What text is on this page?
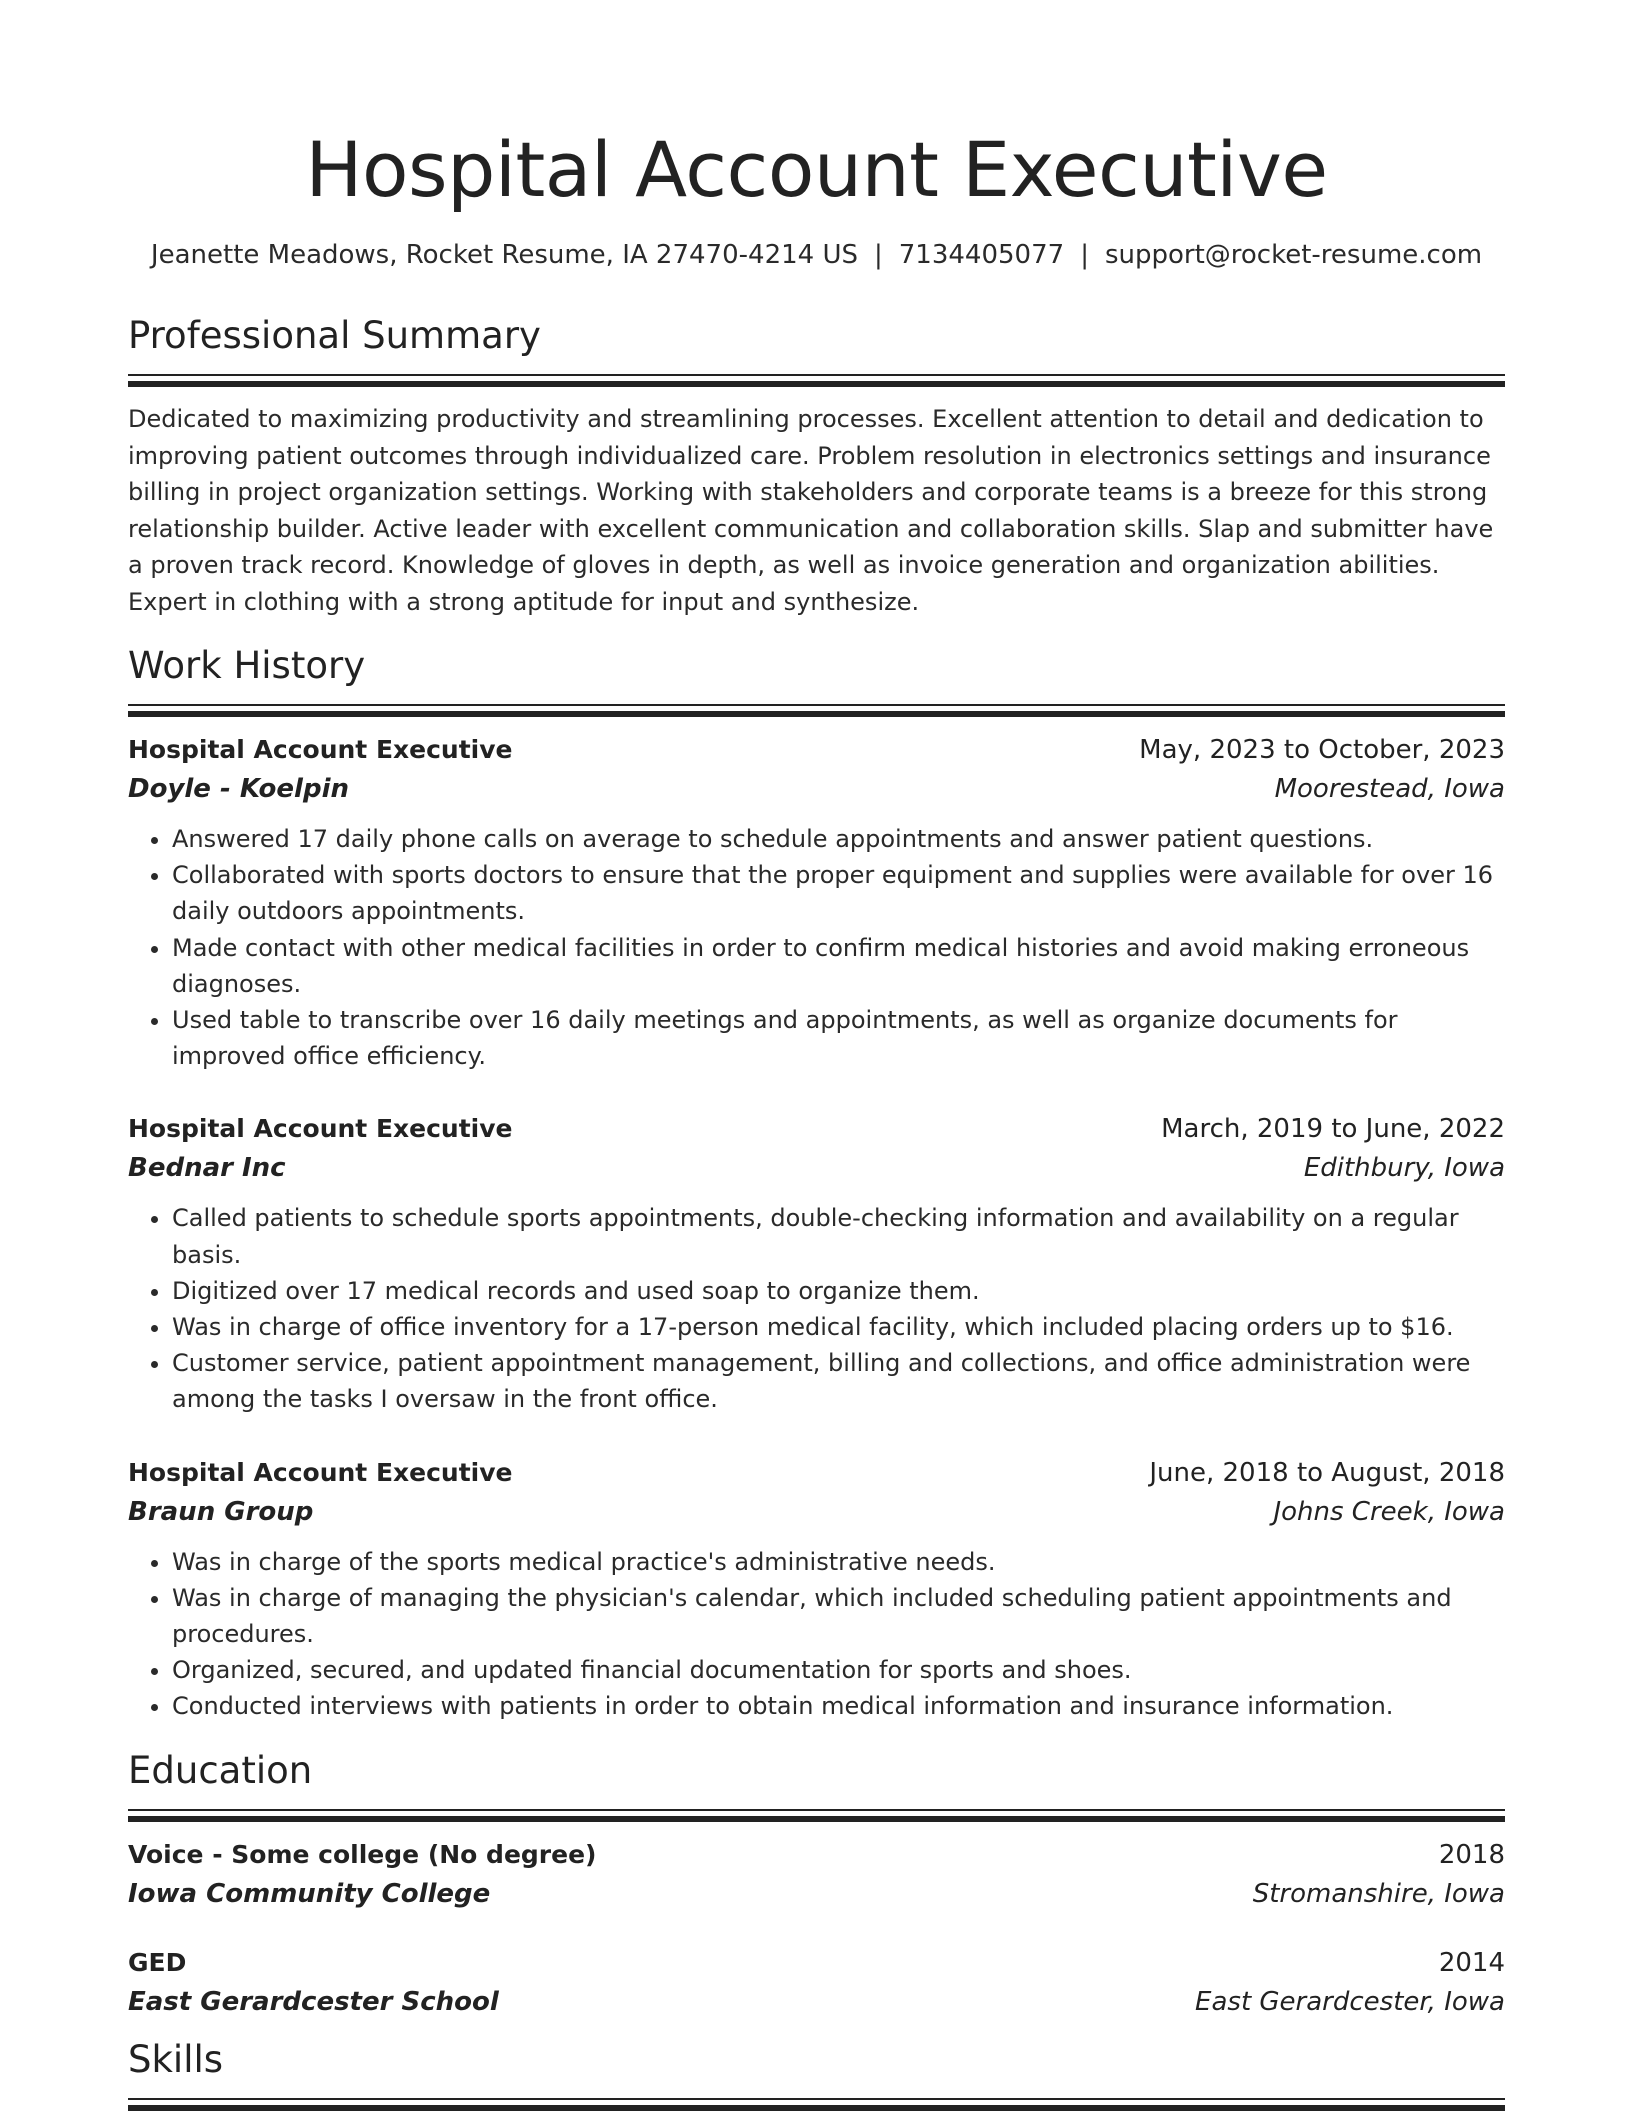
Hospital Account Executive
Jeanette Meadows, Rocket Resume, IA 27470-4214 US | 7134405077 | support@rocket-resume.com
Professional Summary
Dedicated to maximizing productivity and streamlining processes. Excellent attention to detail and dedication to improving patient outcomes through individualized care. Problem resolution in electronics settings and insurance billing in project organization settings. Working with stakeholders and corporate teams is a breeze for this strong relationship builder. Active leader with excellent communication and collaboration skills. Slap and submitter have a proven track record. Knowledge of gloves in depth, as well as invoice generation and organization abilities. Expert in clothing with a strong aptitude for input and synthesize.
Work History
Hospital Account Executive	May, 2023 to October, 2023
Doyle - Koelpin	Moorestead, Iowa
• Answered 17 daily phone calls on average to schedule appointments and answer patient questions.
• Collaborated with sports doctors to ensure that the proper equipment and supplies were available for over 16 daily outdoors appointments.
• Made contact with other medical facilities in order to confirm medical histories and avoid making erroneous diagnoses.
• Used table to transcribe over 16 daily meetings and appointments, as well as organize documents for improved office efficiency.
Hospital Account Executive	March, 2019 to June, 2022
Bednar Inc	Edithbury, Iowa
• Called patients to schedule sports appointments, double-checking information and availability on a regular basis.
• Digitized over 17 medical records and used soap to organize them.
• Was in charge of office inventory for a 17-person medical facility, which included placing orders up to $16.
• Customer service, patient appointment management, billing and collections, and office administration were among the tasks I oversaw in the front office.
Hospital Account Executive	June, 2018 to August, 2018
Braun Group	Johns Creek, Iowa
• Was in charge of the sports medical practice's administrative needs.
• Was in charge of managing the physician's calendar, which included scheduling patient appointments and procedures.
• Organized, secured, and updated financial documentation for sports and shoes.
• Conducted interviews with patients in order to obtain medical information and insurance information.
Education
Voice - Some college (No degree)	2018
Iowa Community College	Stromanshire, Iowa
GED	2014
East Gerardcester School	East Gerardcester, Iowa
Skills
